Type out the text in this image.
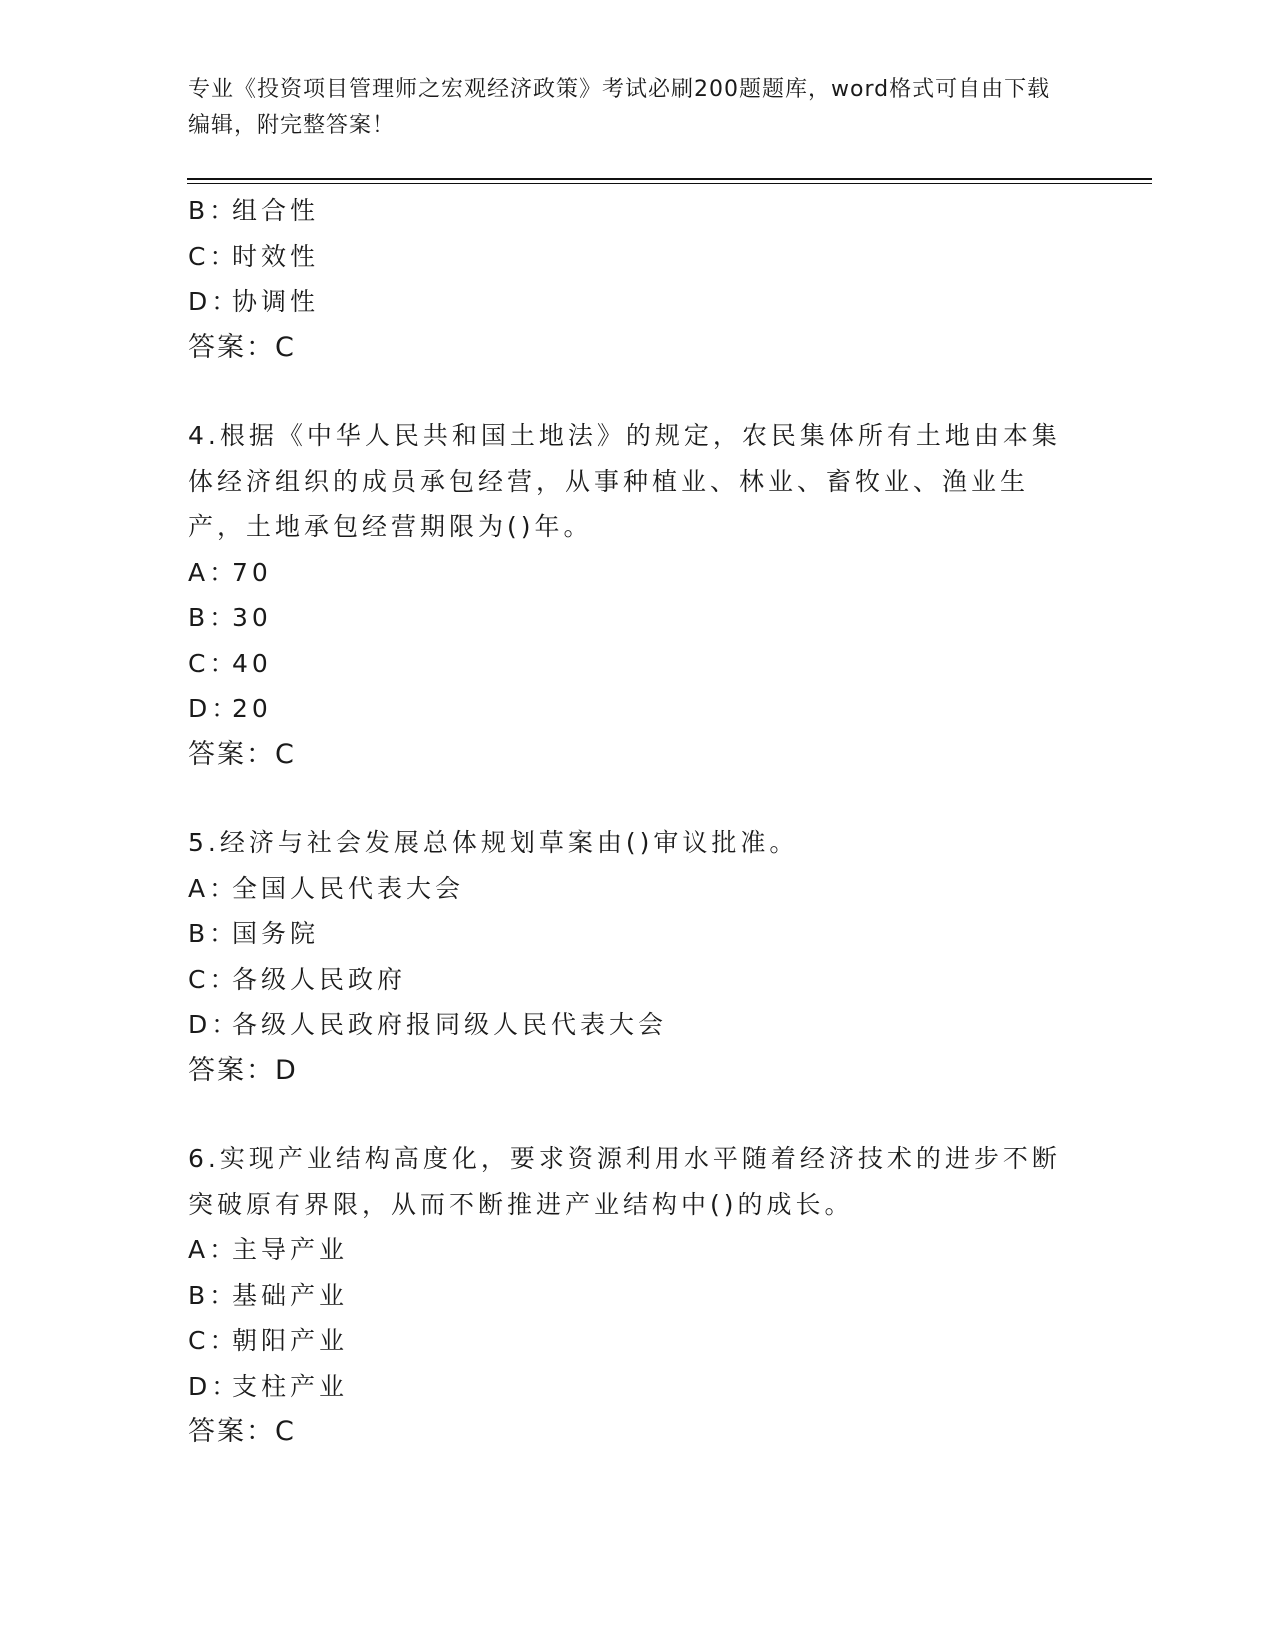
专业《投资项目管理师之宏观经济政策》考试必刷200题题库，word格式可自由下载编辑，附完整答案！
B：组合性
C：时效性
D：协调性
答案：C
4.根据《中华人民共和国土地法》的规定，农民集体所有土地由本集体经济组织的成员承包经营，从事种植业、林业、畜牧业、渔业生产，土地承包经营期限为()年。
A：70
B：30
C：40
D：20
答案：C
5.经济与社会发展总体规划草案由()审议批准。
A：全国人民代表大会
B：国务院
C：各级人民政府
D：各级人民政府报同级人民代表大会
答案：D
6.实现产业结构高度化，要求资源利用水平随着经济技术的进步不断突破原有界限，从而不断推进产业结构中()的成长。
A：主导产业
B：基础产业
C：朝阳产业
D：支柱产业
答案：C
